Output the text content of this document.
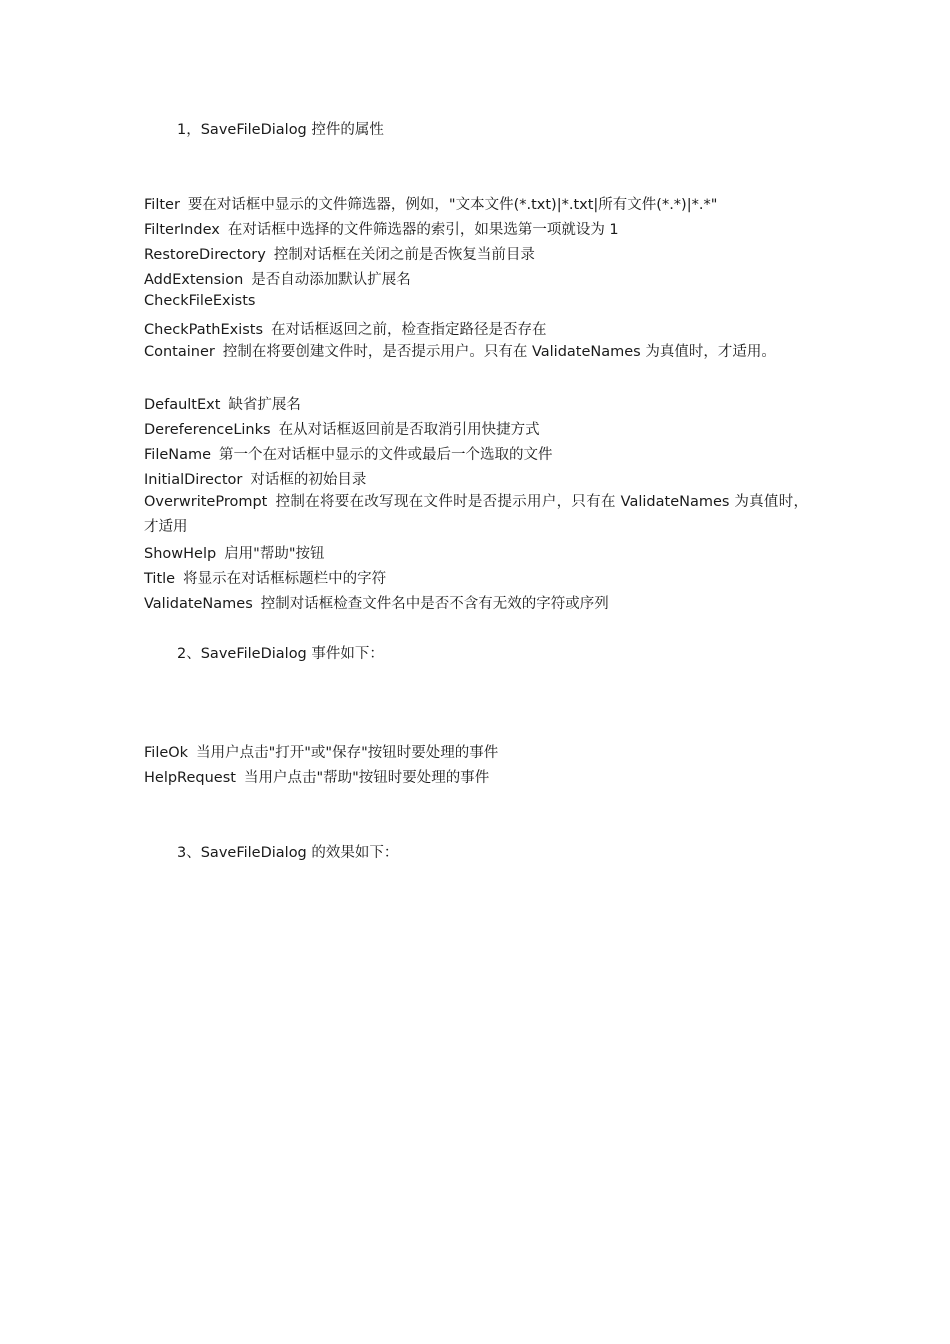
1，SaveFileDialog 控件的属性
Filter 要在对话框中显示的文件筛选器，例如，"文本文件(*.txt)|*.txt|所有文件(*.*)|*.*"
FilterIndex 在对话框中选择的文件筛选器的索引，如果选第一项就设为 1
RestoreDirectory 控制对话框在关闭之前是否恢复当前目录
AddExtension 是否自动添加默认扩展名
CheckFileExists
CheckPathExists 在对话框返回之前，检查指定路径是否存在
Container 控制在将要创建文件时，是否提示用户。只有在 ValidateNames 为真值时，才适用。
DefaultExt 缺省扩展名
DereferenceLinks 在从对话框返回前是否取消引用快捷方式
FileName 第一个在对话框中显示的文件或最后一个选取的文件
InitialDirector 对话框的初始目录
OverwritePrompt 控制在将要在改写现在文件时是否提示用户，只有在 ValidateNames 为真值时，才适用
ShowHelp 启用"帮助"按钮
Title 将显示在对话框标题栏中的字符
ValidateNames 控制对话框检查文件名中是否不含有无效的字符或序列
2、SaveFileDialog 事件如下：
FileOk 当用户点击"打开"或"保存"按钮时要处理的事件
HelpRequest 当用户点击"帮助"按钮时要处理的事件
3、SaveFileDialog 的效果如下：
